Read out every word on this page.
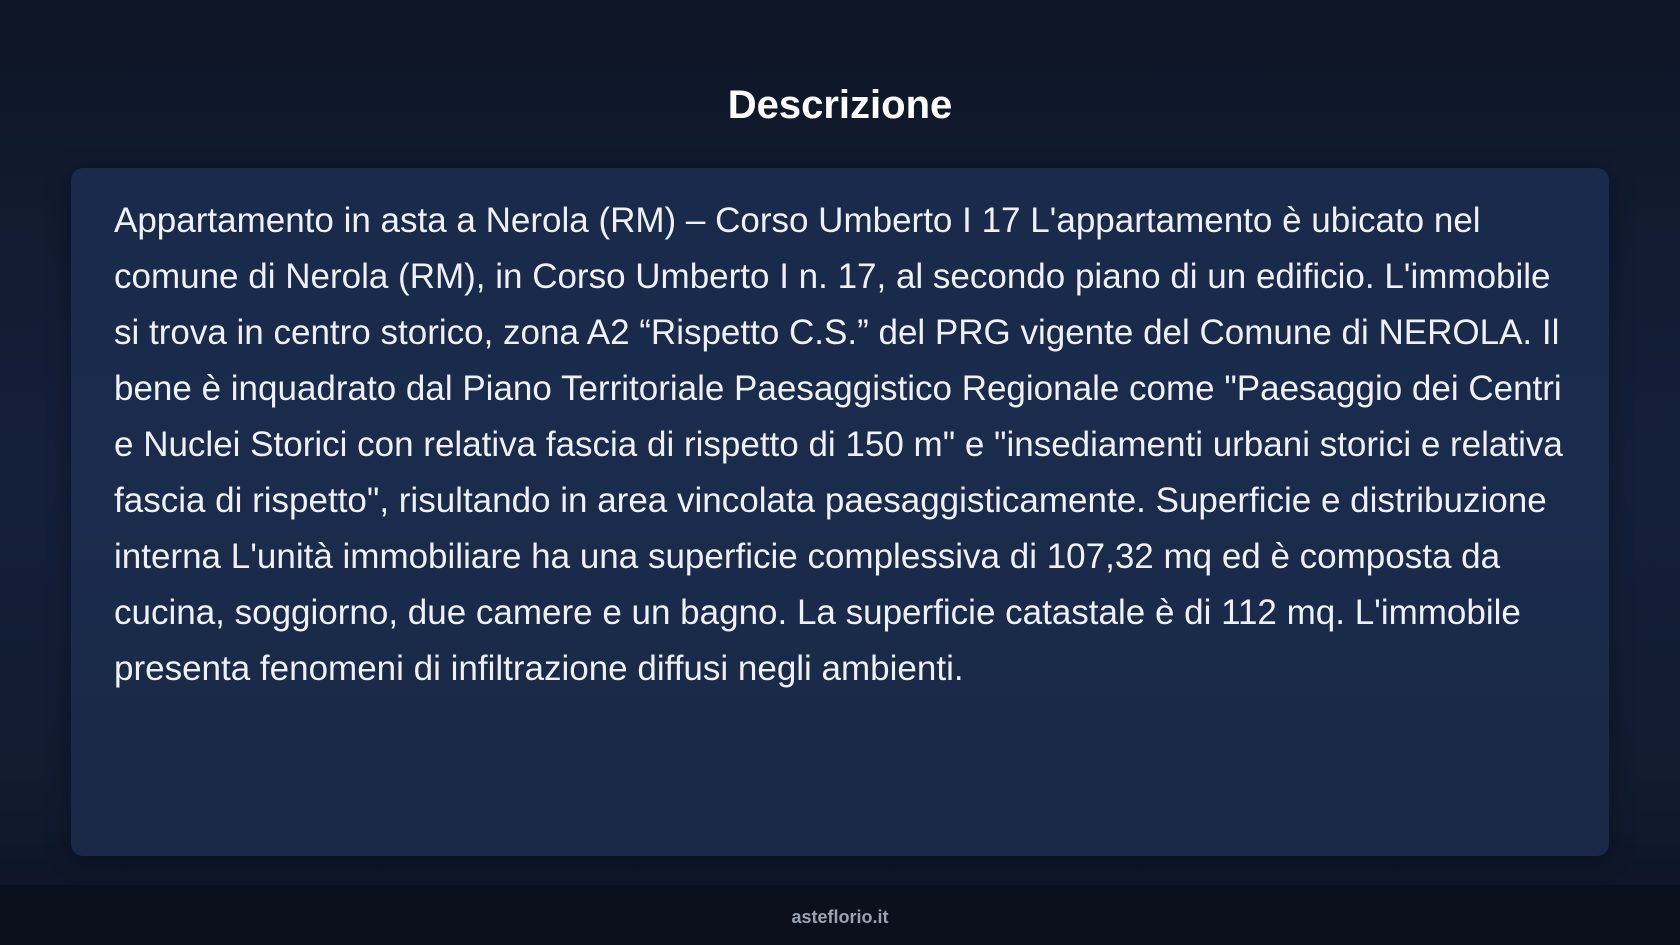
Descrizione

Appartamento in asta a Nerola (RM) – Corso Umberto I 17 L'appartamento è ubicato nel comune di Nerola (RM), in Corso Umberto I n. 17, al secondo piano di un edificio. L'immobile si trova in centro storico, zona A2 “Rispetto C.S.” del PRG vigente del Comune di NEROLA. Il bene è inquadrato dal Piano Territoriale Paesaggistico Regionale come "Paesaggio dei Centri e Nuclei Storici con relativa fascia di rispetto di 150 m" e "insediamenti urbani storici e relativa fascia di rispetto", risultando in area vincolata paesaggisticamente. Superficie e distribuzione interna L'unità immobiliare ha una superficie complessiva di 107,32 mq ed è composta da cucina, soggiorno, due camere e un bagno. La superficie catastale è di 112 mq. L'immobile presenta fenomeni di infiltrazione diffusi negli ambienti.

asteflorio.it
